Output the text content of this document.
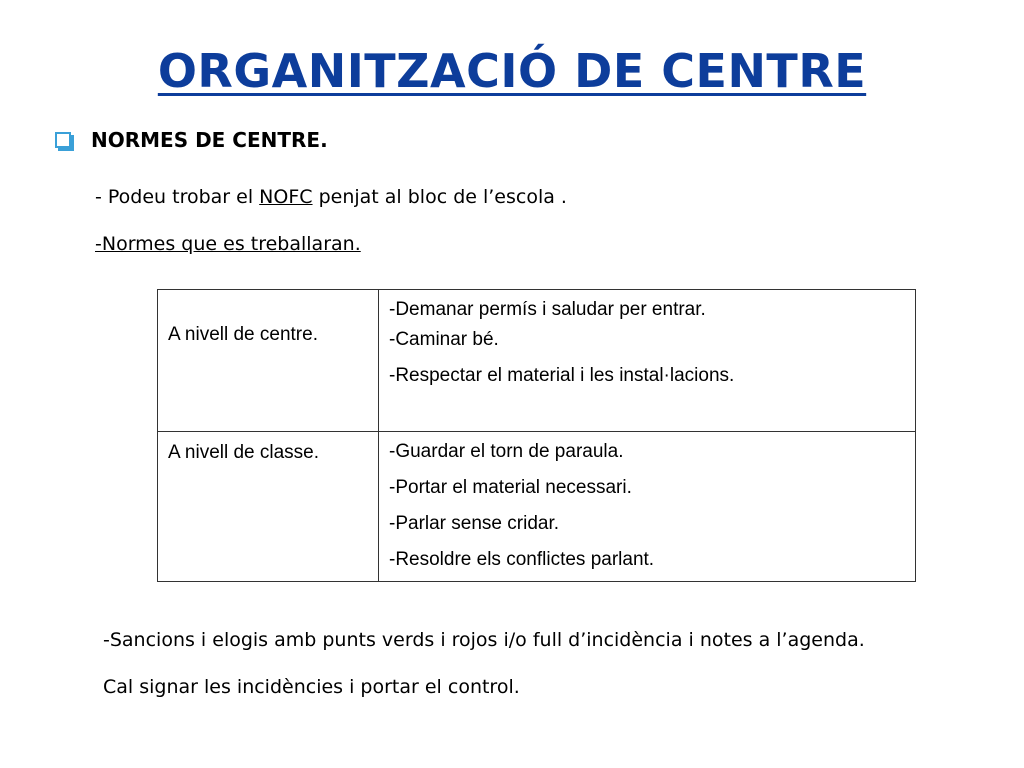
ORGANITZACIÓ DE CENTRE
NORMES DE CENTRE.
- Podeu trobar el NOFC penjat al bloc de l’escola .
-Normes que es treballaran.
A nivell de centre.	-Demanar permís i saludar per entrar.
-Caminar bé.
-Respectar el material i les instal·lacions.

A nivell de classe.	-Guardar el torn de paraula.
-Portar el material necessari.
-Parlar sense cridar.
-Resoldre els conflictes parlant.
-Sancions i elogis amb punts verds i rojos i/o full d’incidència i notes a l’agenda.
Cal signar les incidències i portar el control.
